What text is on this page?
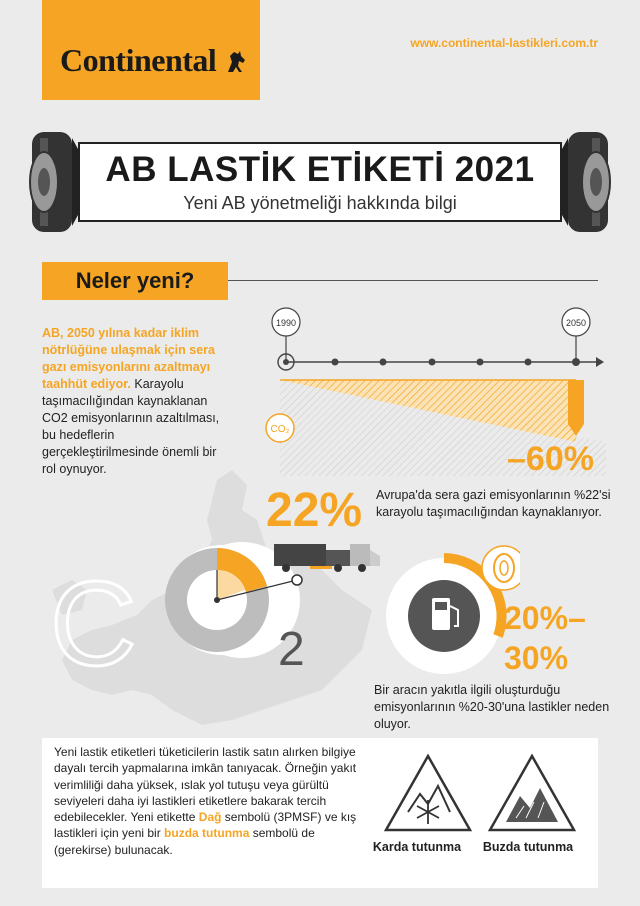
Continental	www.continental-lastikleri.com.tr
AB LASTİK ETİKETİ 2021
Yeni AB yönetmeliği hakkında bilgi
Neler yeni?
AB, 2050 yılına kadar iklim nötrlüğüne ulaşmak için sera gazı emisyonlarını azaltmayı taahhüt ediyor. Karayolu taşımacılığından kaynaklanan CO2 emisyonlarının azaltılması, bu hedeflerin gerçekleştirilmesinde önemli bir rol oynuyor.
1990	2050
CO₂
–60%
C	2
22% Avrupa'da sera gazi emisyonlarının %22'si karayolu taşımacılığından kaynaklanıyor.
20%–
30%
Bir aracın yakıtla ilgili oluşturduğu emisyonlarının %20-30'una lastikler neden oluyor.
Yeni lastik etiketleri tüketicilerin lastik satın alırken bilgiye dayalı tercih yapmalarına imkân tanıyacak. Örneğin yakıt verimliliği daha yüksek, ıslak yol tutuşu veya gürültü seviyeleri daha iyi lastikleri etiketlere bakarak tercih edebilecekler. Yeni etikette Dağ sembolü (3PMSF) ve kış lastikleri için yeni bir buzda tutunma sembolü de (gerekirse) bulunacak.	Karda tutunma	Buzda tutunma
